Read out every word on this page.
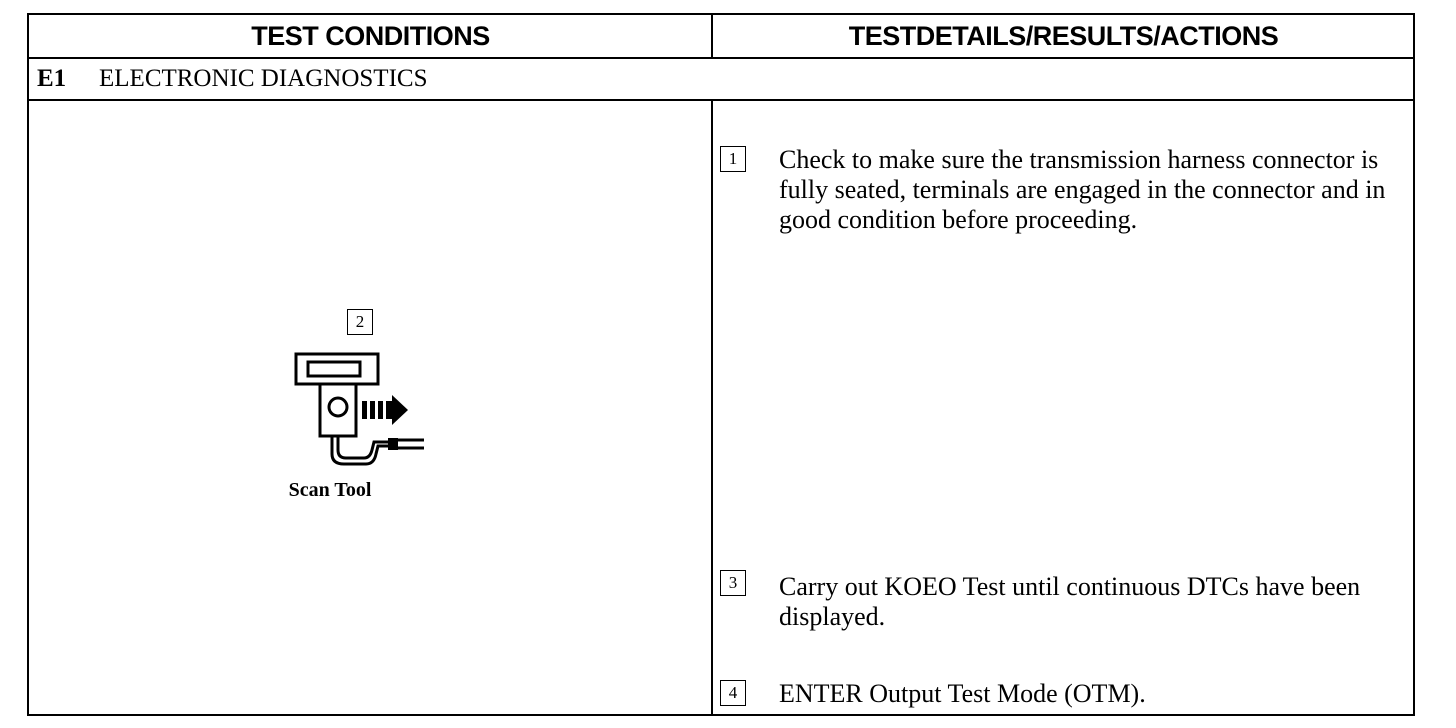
TEST CONDITIONS	TESTDETAILS/RESULTS/ACTIONS
E1	ELECTRONIC DIAGNOSTICS
2
Scan Tool
1	Check to make sure the transmission harness connector is fully seated, terminals are engaged in the connector and in good condition before proceeding.
3	Carry out KOEO Test until continuous DTCs have been displayed.
4	ENTER Output Test Mode (OTM).
